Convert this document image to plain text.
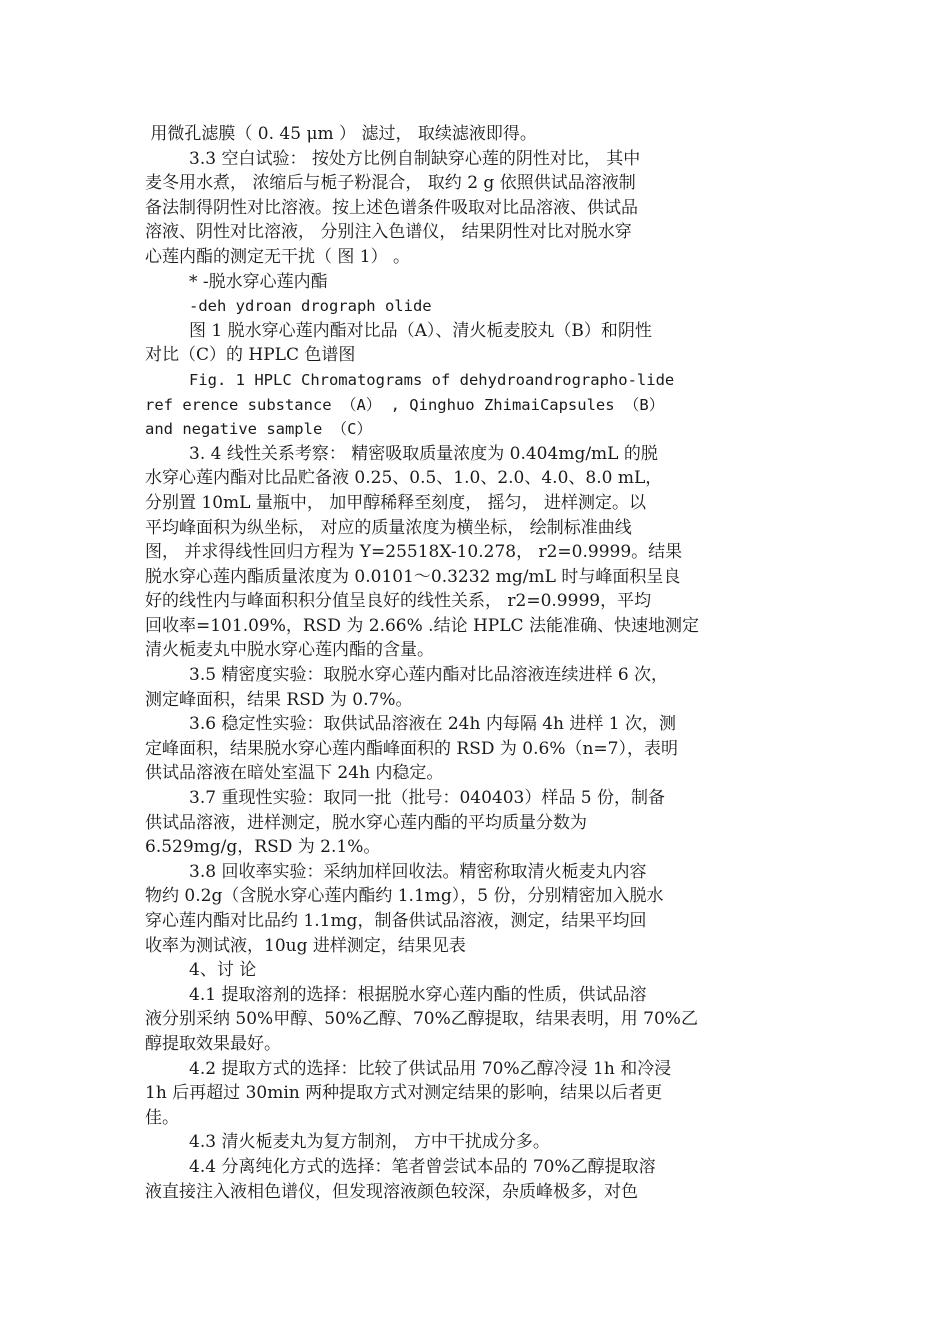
用微孔滤膜（ 0. 45 μm ） 滤过， 取续滤液即得。
3.3 空白试验： 按处方比例自制缺穿心莲的阴性对比， 其中
麦冬用水煮， 浓缩后与栀子粉混合， 取约 2 g 依照供试品溶液制
备法制得阴性对比溶液。按上述色谱条件吸取对比品溶液、供试品
溶液、阴性对比溶液， 分别注入色谱仪， 结果阴性对比对脱水穿
心莲内酯的测定无干扰（ 图 1） 。
* -脱水穿心莲内酯
-deh ydroan drograph olide
图 1 脱水穿心莲内酯对比品（A）、清火栀麦胶丸（B）和阴性
对比（C）的 HPLC 色谱图
Fig. 1 HPLC Chromatograms of dehydroandrographo-lide
ref erence substance （A） , Qinghuo ZhimaiCapsules （B）
and negative sample （C）
3. 4 线性关系考察： 精密吸取质量浓度为 0.404mg/mL 的脱
水穿心莲内酯对比品贮备液 0.25、0.5、1.0、2.0、4.0、8.0 mL，
分别置 10mL 量瓶中， 加甲醇稀释至刻度， 摇匀， 进样测定。以
平均峰面积为纵坐标， 对应的质量浓度为横坐标， 绘制标准曲线
图， 并求得线性回归方程为 Y=25518X-10.278， r2=0.9999。结果
脱水穿心莲内酯质量浓度为 0.0101～0.3232 mg/mL 时与峰面积呈良
好的线性内与峰面积积分值呈良好的线性关系， r2=0.9999，平均
回收率=101.09%，RSD 为 2.66% .结论 HPLC 法能准确、快速地测定
清火栀麦丸中脱水穿心莲内酯的含量。
3.5 精密度实验：取脱水穿心莲内酯对比品溶液连续进样 6 次，
测定峰面积，结果 RSD 为 0.7%。
3.6 稳定性实验：取供试品溶液在 24h 内每隔 4h 进样 1 次，测
定峰面积，结果脱水穿心莲内酯峰面积的 RSD 为 0.6%（n=7），表明
供试品溶液在暗处室温下 24h 内稳定。
3.7 重现性实验：取同一批（批号：040403）样品 5 份，制备
供试品溶液，进样测定，脱水穿心莲内酯的平均质量分数为
6.529mg/g，RSD 为 2.1%。
3.8 回收率实验：采纳加样回收法。精密称取清火栀麦丸内容
物约 0.2g（含脱水穿心莲内酯约 1.1mg），5 份，分别精密加入脱水
穿心莲内酯对比品约 1.1mg，制备供试品溶液，测定，结果平均回
收率为测试液，10ug 进样测定，结果见表
4、讨 论
4.1 提取溶剂的选择：根据脱水穿心莲内酯的性质，供试品溶
液分别采纳 50%甲醇、50%乙醇、70%乙醇提取，结果表明，用 70%乙
醇提取效果最好。
4.2 提取方式的选择：比较了供试品用 70%乙醇冷浸 1h 和冷浸
1h 后再超过 30min 两种提取方式对测定结果的影响，结果以后者更
佳。
4.3 清火栀麦丸为复方制剂， 方中干扰成分多。
4.4 分离纯化方式的选择：笔者曾尝试本品的 70%乙醇提取溶
液直接注入液相色谱仪，但发现溶液颜色较深，杂质峰极多，对色
